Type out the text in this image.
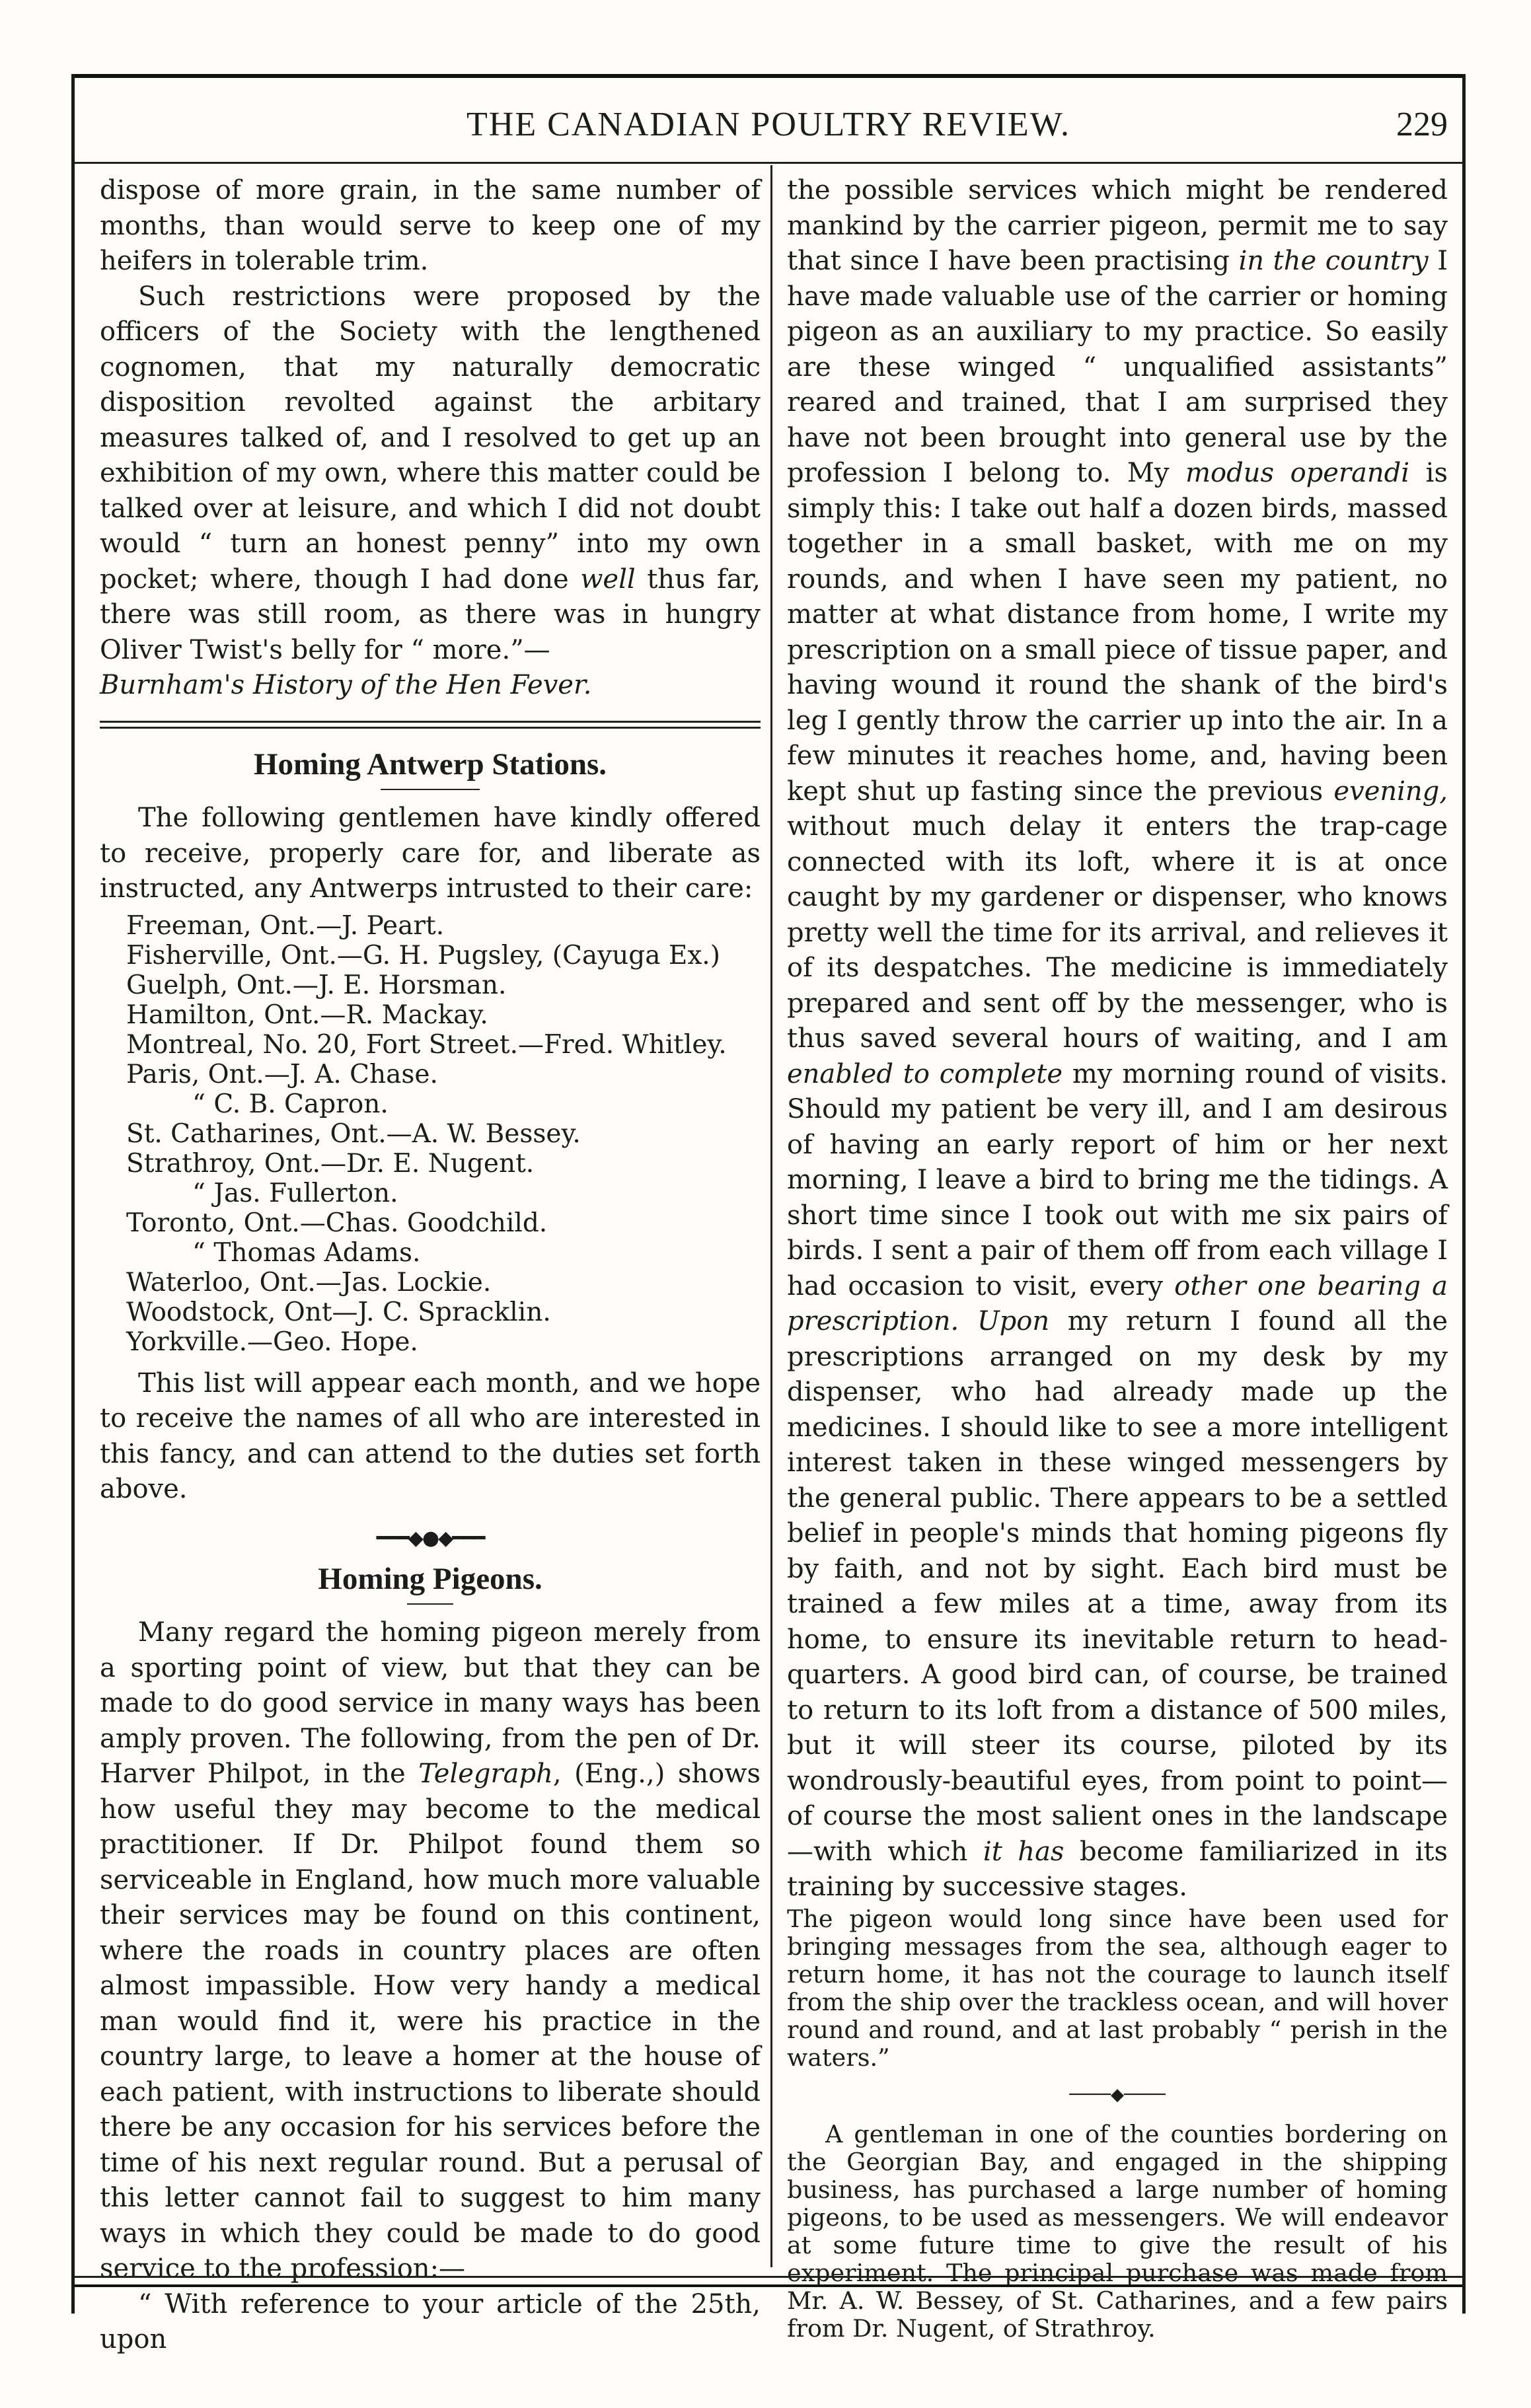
THE CANADIAN POULTRY REVIEW.	229

dispose of more grain, in the same number of months, than would serve to keep one of my heifers in tolerable trim.

Such restrictions were proposed by the officers of the Society with the lengthened cognomen, that my naturally democratic disposition revolted against the arbitary measures talked of, and I resolved to get up an exhibition of my own, where this matter could be talked over at leisure, and which I did not doubt would “ turn an honest penny” into my own pocket; where, though I had done well thus far, there was still room, as there was in hungry Oliver Twist's belly for “ more.”—
Burnham's History of the Hen Fever.

Homing Antwerp Stations.

The following gentlemen have kindly offered to receive, properly care for, and liberate as instructed, any Antwerps intrusted to their care:

Freeman, Ont.—J. Peart.
Fisherville, Ont.—G. H. Pugsley, (Cayuga Ex.)
Guelph, Ont.—J. E. Horsman.
Hamilton, Ont.—R. Mackay.
Montreal, No. 20, Fort Street.—Fred. Whitley.
Paris, Ont.—J. A. Chase.
“ C. B. Capron.
St. Catharines, Ont.—A. W. Bessey.
Strathroy, Ont.—Dr. E. Nugent.
“ Jas. Fullerton.
Toronto, Ont.—Chas. Goodchild.
“ Thomas Adams.
Waterloo, Ont.—Jas. Lockie.
Woodstock, Ont—J. C. Spracklin.
Yorkville.—Geo. Hope.

This list will appear each month, and we hope to receive the names of all who are interested in this fancy, and can attend to the duties set forth above.

━━━◆●◆━━━
Homing Pigeons.

Many regard the homing pigeon merely from a sporting point of view, but that they can be made to do good service in many ways has been amply proven. The following, from the pen of Dr. Harver Philpot, in the Telegraph, (Eng.,) shows how useful they may become to the medical practitioner. If Dr. Philpot found them so serviceable in England, how much more valuable their services may be found on this continent, where the roads in country places are often almost impassible. How very handy a medical man would find it, were his practice in the country large, to leave a homer at the house of each patient, with instructions to liberate should there be any occasion for his services before the time of his next regular round. But a perusal of this letter cannot fail to suggest to him many ways in which they could be made to do good service to the profession:—

“ With reference to your article of the 25th, upon

the possible services which might be rendered mankind by the carrier pigeon, permit me to say that since I have been practising in the country I have made valuable use of the carrier or homing pigeon as an auxiliary to my practice. So easily are these winged “ unqualified assistants” reared and trained, that I am surprised they have not been brought into general use by the profession I belong to. My modus operandi is simply this: I take out half a dozen birds, massed together in a small basket, with me on my rounds, and when I have seen my patient, no matter at what distance from home, I write my prescription on a small piece of tissue paper, and having wound it round the shank of the bird's leg I gently throw the carrier up into the air. In a few minutes it reaches home, and, having been kept shut up fasting since the previous evening, without much delay it enters the trap-cage connected with its loft, where it is at once caught by my gardener or dispenser, who knows pretty well the time for its arrival, and relieves it of its despatches. The medicine is immediately prepared and sent off by the messenger, who is thus saved several hours of waiting, and I am enabled to complete my morning round of visits. Should my patient be very ill, and I am desirous of having an early report of him or her next morning, I leave a bird to bring me the tidings. A short time since I took out with me six pairs of birds. I sent a pair of them off from each village I had occasion to visit, every other one bearing a prescription. Upon my return I found all the prescriptions arranged on my desk by my dispenser, who had already made up the medicines. I should like to see a more intelligent interest taken in these winged messengers by the general public. There appears to be a settled belief in people's minds that homing pigeons fly by faith, and not by sight. Each bird must be trained a few miles at a time, away from its home, to ensure its inevitable return to head-quarters. A good bird can, of course, be trained to return to its loft from a distance of 500 miles, but it will steer its course, piloted by its wondrously-beautiful eyes, from point to point—of course the most salient ones in the landscape—with which it has become familiarized in its training by successive stages.

The pigeon would long since have been used for bringing messages from the sea, although eager to return home, it has not the courage to launch itself from the ship over the trackless ocean, and will hover round and round, and at last probably “ perish in the waters.”

────◆────

A gentleman in one of the counties bordering on the Georgian Bay, and engaged in the shipping business, has purchased a large number of homing pigeons, to be used as messengers. We will endeavor at some future time to give the result of his experiment. The principal purchase was made from Mr. A. W. Bessey, of St. Catharines, and a few pairs from Dr. Nugent, of Strathroy.
